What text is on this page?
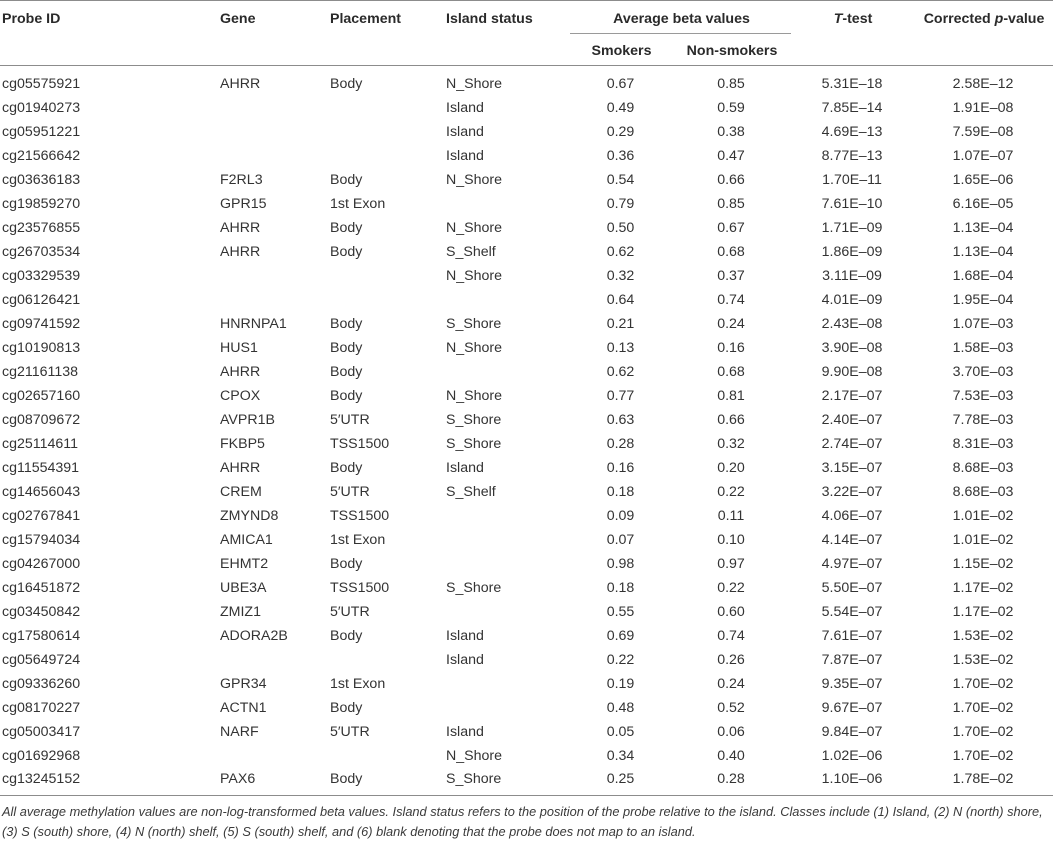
Probe ID	Gene	Placement	Island status	Average beta values		T-test	Corrected p-value
				Smokers	Non-smokers		
cg05575921	AHRR	Body	N_Shore	0.67	0.85	5.31E–18	2.58E–12
cg01940273			Island	0.49	0.59	7.85E–14	1.91E–08
cg05951221			Island	0.29	0.38	4.69E–13	7.59E–08
cg21566642			Island	0.36	0.47	8.77E–13	1.07E–07
cg03636183	F2RL3	Body	N_Shore	0.54	0.66	1.70E–11	1.65E–06
cg19859270	GPR15	1st Exon		0.79	0.85	7.61E–10	6.16E–05
cg23576855	AHRR	Body	N_Shore	0.50	0.67	1.71E–09	1.13E–04
cg26703534	AHRR	Body	S_Shelf	0.62	0.68	1.86E–09	1.13E–04
cg03329539			N_Shore	0.32	0.37	3.11E–09	1.68E–04
cg06126421				0.64	0.74	4.01E–09	1.95E–04
cg09741592	HNRNPA1	Body	S_Shore	0.21	0.24	2.43E–08	1.07E–03
cg10190813	HUS1	Body	N_Shore	0.13	0.16	3.90E–08	1.58E–03
cg21161138	AHRR	Body		0.62	0.68	9.90E–08	3.70E–03
cg02657160	CPOX	Body	N_Shore	0.77	0.81	2.17E–07	7.53E–03
cg08709672	AVPR1B	5′UTR	S_Shore	0.63	0.66	2.40E–07	7.78E–03
cg25114611	FKBP5	TSS1500	S_Shore	0.28	0.32	2.74E–07	8.31E–03
cg11554391	AHRR	Body	Island	0.16	0.20	3.15E–07	8.68E–03
cg14656043	CREM	5′UTR	S_Shelf	0.18	0.22	3.22E–07	8.68E–03
cg02767841	ZMYND8	TSS1500		0.09	0.11	4.06E–07	1.01E–02
cg15794034	AMICA1	1st Exon		0.07	0.10	4.14E–07	1.01E–02
cg04267000	EHMT2	Body		0.98	0.97	4.97E–07	1.15E–02
cg16451872	UBE3A	TSS1500	S_Shore	0.18	0.22	5.50E–07	1.17E–02
cg03450842	ZMIZ1	5′UTR		0.55	0.60	5.54E–07	1.17E–02
cg17580614	ADORA2B	Body	Island	0.69	0.74	7.61E–07	1.53E–02
cg05649724			Island	0.22	0.26	7.87E–07	1.53E–02
cg09336260	GPR34	1st Exon		0.19	0.24	9.35E–07	1.70E–02
cg08170227	ACTN1	Body		0.48	0.52	9.67E–07	1.70E–02
cg05003417	NARF	5′UTR	Island	0.05	0.06	9.84E–07	1.70E–02
cg01692968			N_Shore	0.34	0.40	1.02E–06	1.70E–02
cg13245152	PAX6	Body	S_Shore	0.25	0.28	1.10E–06	1.78E–02

All average methylation values are non-log-transformed beta values. Island status refers to the position of the probe relative to the island. Classes include (1) Island, (2) N (north) shore, (3) S (south) shore, (4) N (north) shelf, (5) S (south) shelf, and (6) blank denoting that the probe does not map to an island.
